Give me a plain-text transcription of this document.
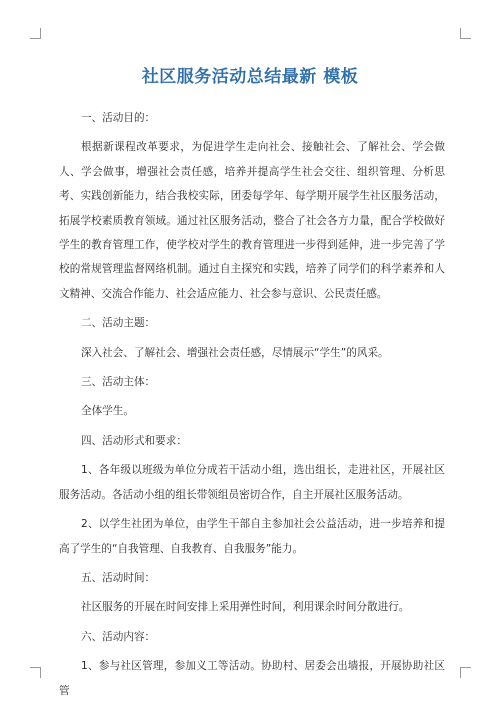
社区服务活动总结最新 模板
一、活动目的：

根据新课程改革要求，为促进学生走向社会、接触社会、了解社会、学会做人、学会做事，增强社会责任感，培养并提高学生社会交往、组织管理、分析思考、实践创新能力，结合我校实际，团委每学年、每学期开展学生社区服务活动，拓展学校素质教育领域。通过社区服务活动，整合了社会各方力量，配合学校做好学生的教育管理工作，使学校对学生的教育管理进一步得到延伸，进一步完善了学校的常规管理监督网络机制。通过自主探究和实践，培养了同学们的科学素养和人文精神、交流合作能力、社会适应能力、社会参与意识、公民责任感。

二、活动主题：

深入社会、了解社会、增强社会责任感，尽情展示“学生”的风采。

三、活动主体：

全体学生。

四、活动形式和要求：

1、各年级以班级为单位分成若干活动小组，选出组长，走进社区，开展社区服务活动。各活动小组的组长带领组员密切合作，自主开展社区服务活动。

2、以学生社团为单位，由学生干部自主参加社会公益活动，进一步培养和提高了学生的“自我管理、自我教育、自我服务”能力。

五、活动时间：

社区服务的开展在时间安排上采用弹性时间，利用课余时间分散进行。

六、活动内容：

1、参与社区管理，参加义工等活动。协助村、居委会出墙报，开展协助社区管
